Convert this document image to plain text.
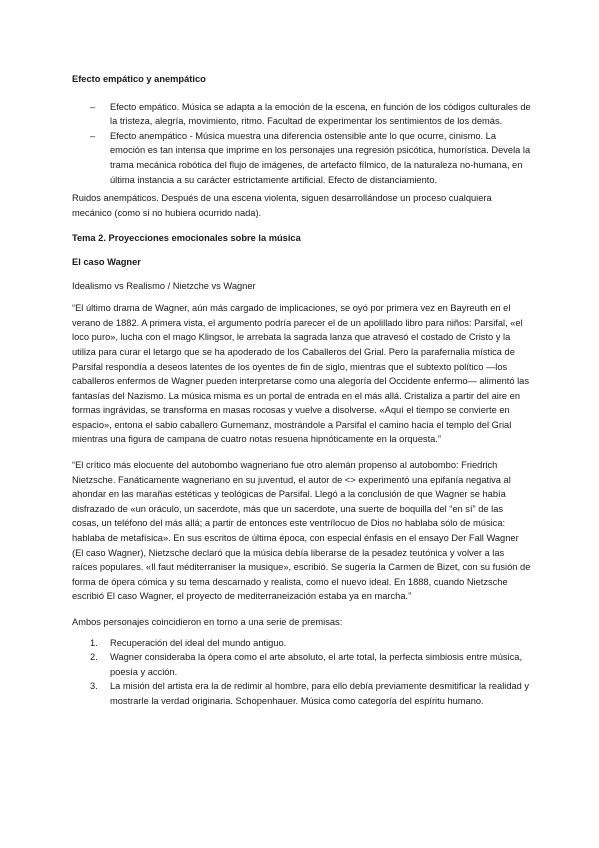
Efecto empático y anempático
– Efecto empático. Música se adapta a la emoción de la escena, en función de los códigos culturales de la tristeza, alegría, movimiento, ritmo. Facultad de experimentar los sentimientos de los demás.
– Efecto anempático - Música muestra una diferencia ostensible ante lo que ocurre, cinismo. La emoción es tan intensa que imprime en los personajes una regresión psicótica, humorística. Devela la trama mecánica robótica del flujo de imágenes, de artefacto fílmico, de la naturaleza no-humana, en última instancia a su carácter estrictamente artificial. Efecto de distanciamiento.

Ruidos anempáticos. Después de una escena violenta, siguen desarrollándose un proceso cualquiera mecánico (como si no hubiera ocurrido nada).

Tema 2. Proyecciones emocionales sobre la música
El caso Wagner

Idealismo vs Realismo / Nietzche vs Wagner

“El último drama de Wagner, aún más cargado de implicaciones, se oyó por primera vez en Bayreuth en el verano de 1882. A primera vista, el argumento podría parecer el de un apolillado libro para niños: Parsifal, «el loco puro», lucha con el mago Klingsor, le arrebata la sagrada lanza que atravesó el costado de Cristo y la utiliza para curar el letargo que se ha apoderado de los Caballeros del Grial. Pero la parafernalia mística de Parsifal respondía a deseos latentes de los oyentes de fin de siglo, mientras que el subtexto político —los caballeros enfermos de Wagner pueden interpretarse como una alegoría del Occidente enfermo— alimentó las fantasías del Nazismo. La música misma es un portal de entrada en el más allá. Cristaliza a partir del aire en formas ingrávidas, se transforma en masas rocosas y vuelve a disolverse. «Aquí el tiempo se convierte en espacio», entona el sabio caballero Gurnemanz, mostrándole a Parsifal el camino hacia el templo del Grial mientras una figura de campana de cuatro notas resuena hipnóticamente en la orquesta.”

“El crítico más elocuente del autobombo wagneriano fue otro alemán propenso al autobombo: Friedrich Nietzsche. Fanáticamente wagneriano en su juventud, el autor de <> experimentó una epifanía negativa al ahondar en las marañas estéticas y teológicas de Parsifal. Llegó a la conclusión de que Wagner se había disfrazado de «un oráculo, un sacerdote, más que un sacerdote, una suerte de boquilla del “en sí” de las cosas, un teléfono del más allá; a partir de entonces este ventrílocuo de Dios no hablaba sólo de música: hablaba de metafísica». En sus escritos de última época, con especial énfasis en el ensayo Der Fall Wagner (El caso Wagner), Nietzsche declaró que la música debía liberarse de la pesadez teutónica y volver a las raíces populares. «Il faut méditerraniser la musique», escribió. Se sugería la Carmen de Bizet, con su fusión de forma de ópera cómica y su tema descarnado y realista, como el nuevo ideal. En 1888, cuando Nietzsche escribió El caso Wagner, el proyecto de mediterraneización estaba ya en marcha.”

Ambos personajes coincidieron en torno a una serie de premisas:

1. Recuperación del ideal del mundo antiguo.
2. Wagner consideraba la ópera como el arte absoluto, el arte total, la perfecta simbiosis entre música, poesía y acción.
3. La misión del artista era la de redimir al hombre, para ello debía previamente desmitificar la realidad y mostrarle la verdad originaria. Schopenhauer. Música como categoría del espíritu humano.
